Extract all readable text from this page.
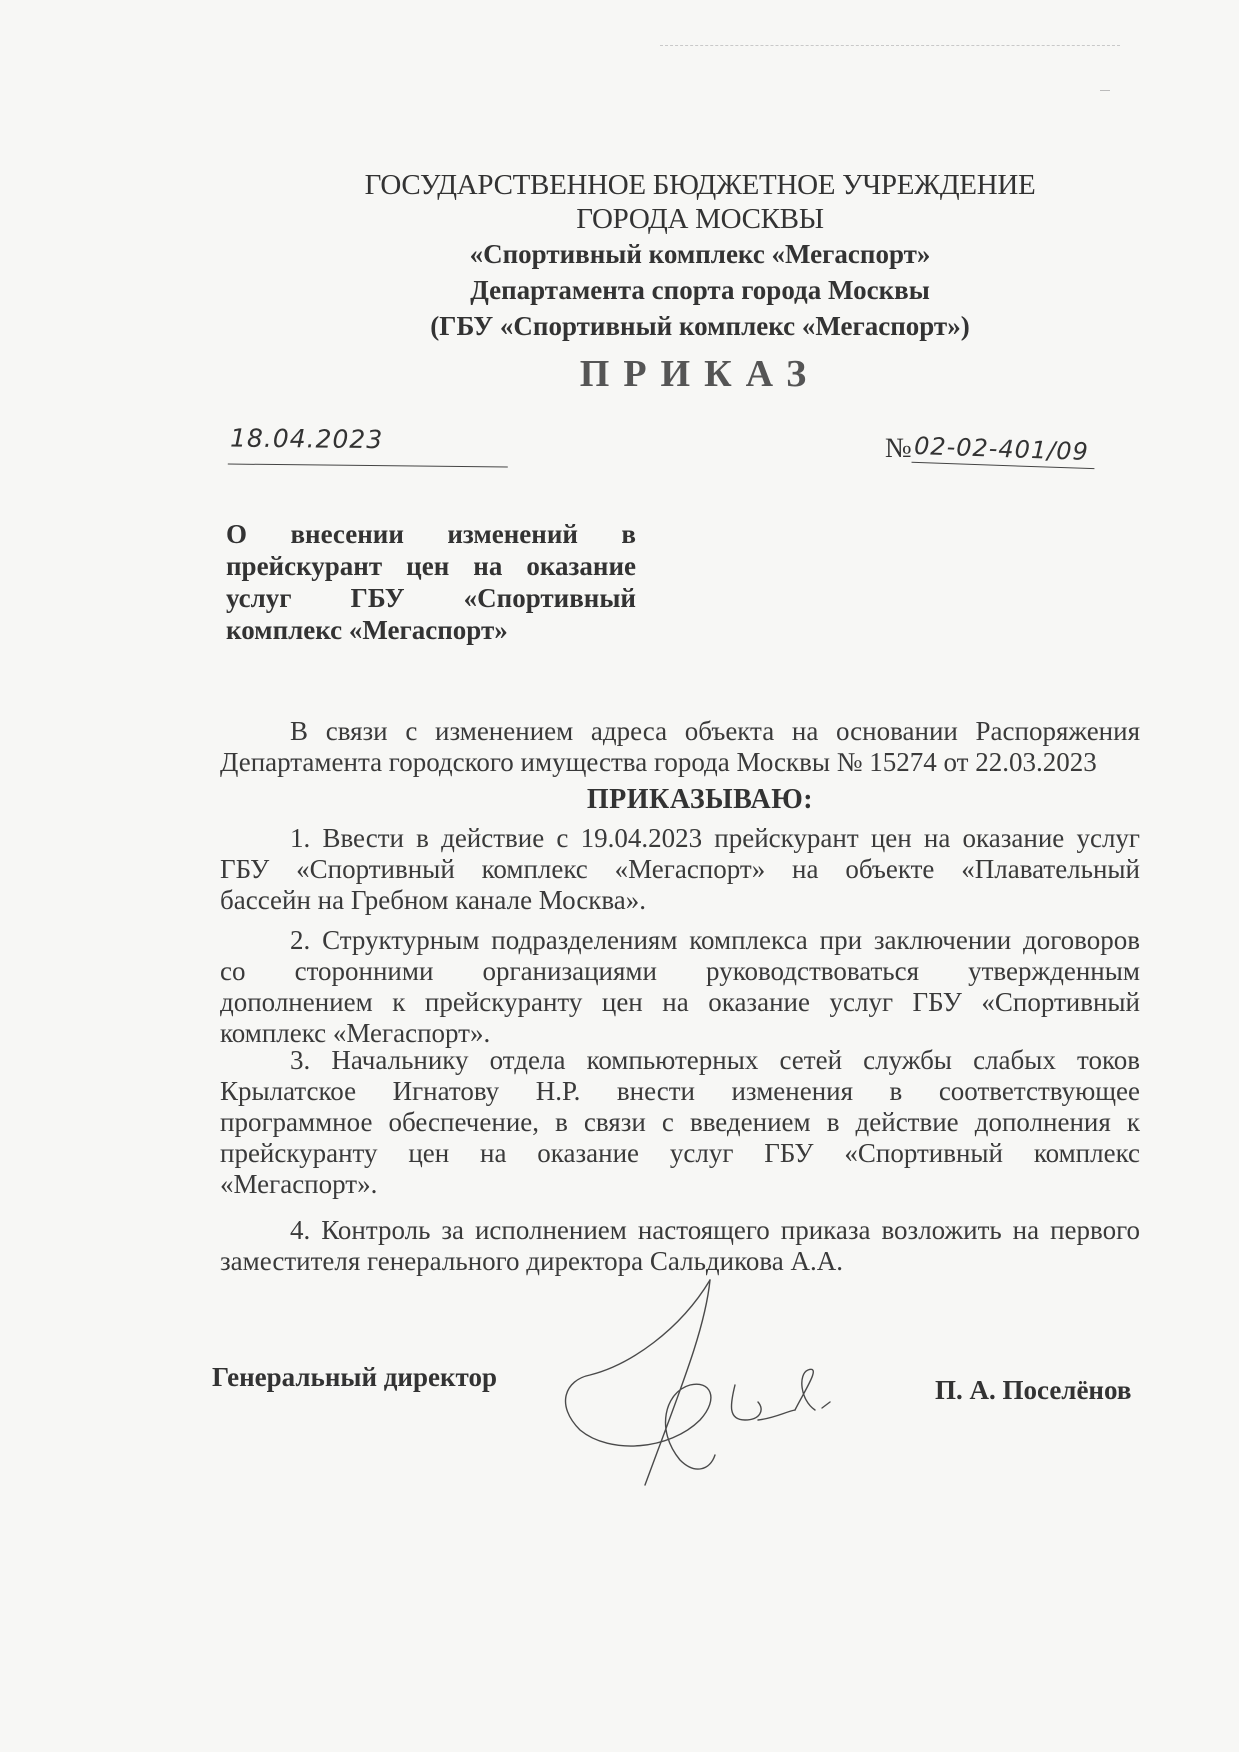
ГОСУДАРСТВЕННОЕ БЮДЖЕТНОЕ УЧРЕЖДЕНИЕ
ГОРОДА МОСКВЫ
«Спортивный комплекс «Мегаспорт»
Департамента спорта города Москвы
(ГБУ «Спортивный комплекс «Мегаспорт»)
ПРИКАЗ
18.04.2023	№02-02-401/09
О внесении изменений в
прейскурант цен на оказание
услуг ГБУ «Спортивный
комплекс «Мегаспорт»
В связи с изменением адреса объекта на основании Распоряжения
Департамента городского имущества города Москвы № 15274 от 22.03.2023
ПРИКАЗЫВАЮ:
1. Ввести в действие с 19.04.2023 прейскурант цен на оказание услуг
ГБУ «Спортивный комплекс «Мегаспорт» на объекте «Плавательный
бассейн на Гребном канале Москва».
2. Структурным подразделениям комплекса при заключении договоров
со сторонними организациями руководствоваться утвержденным
дополнением к прейскуранту цен на оказание услуг ГБУ «Спортивный
комплекс «Мегаспорт».
3. Начальнику отдела компьютерных сетей службы слабых токов
Крылатское Игнатову Н.Р. внести изменения в соответствующее
программное обеспечение, в связи с введением в действие дополнения к
прейскуранту цен на оказание услуг ГБУ «Спортивный комплекс
«Мегаспорт».
4. Контроль за исполнением настоящего приказа возложить на первого
заместителя генерального директора Сальдикова А.А.
Генеральный директор	П. А. Поселёнов
